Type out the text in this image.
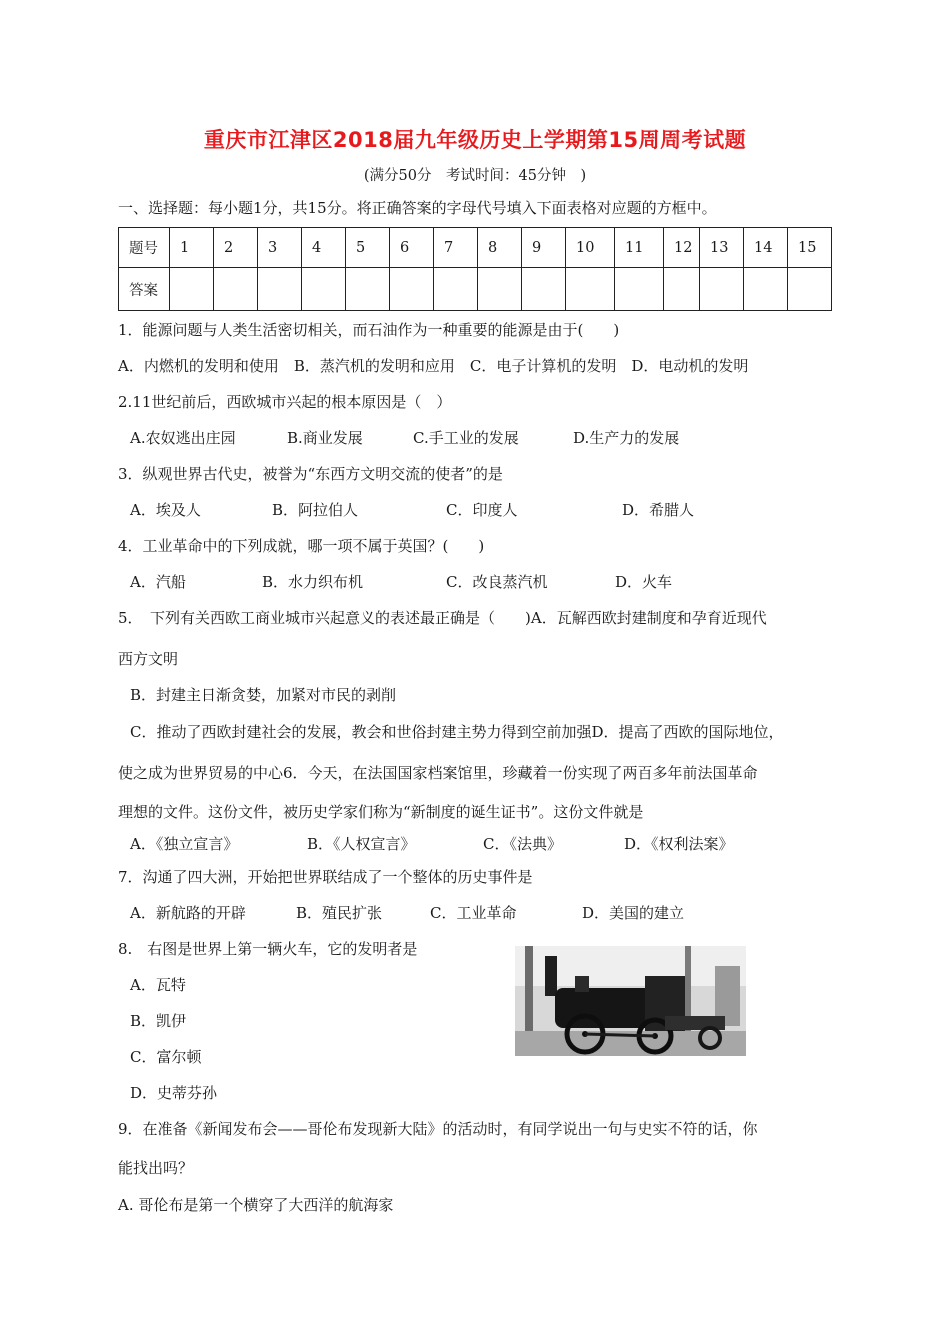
重庆市江津区2018届九年级历史上学期第15周周考试题
(满分50分　考试时间：45分钟　)
一、选择题：每小题1分，共15分。将正确答案的字母代号填入下面表格对应题的方框中。
题号	1	2	3	4	5	6	7	8	9	10	11	12	13	14	15
答案															
1．能源问题与人类生活密切相关，而石油作为一种重要的能源是由于(　　)
A．内燃机的发明和使用　B．蒸汽机的发明和应用　C．电子计算机的发明　D．电动机的发明
2.11世纪前后，西欧城市兴起的根本原因是（　）
A.农奴逃出庄园	B.商业发展	C.手工业的发展	D.生产力的发展
3．纵观世界古代史，被誉为“东西方文明交流的使者”的是
A．埃及人	B．阿拉伯人	C．印度人	D．希腊人
4．工业革命中的下列成就，哪一项不属于英国？(　　)
A．汽船	B．水力织布机	C．改良蒸汽机	D．火车
5．　下列有关西欧工商业城市兴起意义的表述最正确是（　　)A．瓦解西欧封建制度和孕育近现代
西方文明
B．封建主日渐贪婪，加紧对市民的剥削
C．推动了西欧封建社会的发展，教会和世俗封建主势力得到空前加强D．提高了西欧的国际地位，
使之成为世界贸易的中心6．今天，在法国国家档案馆里，珍藏着一份实现了两百多年前法国革命
理想的文件。这份文件，被历史学家们称为“新制度的诞生证书”。这份文件就是
A．《独立宣言》	B．《人权宣言》	C．《法典》	D．《权利法案》
7．沟通了四大洲，开始把世界联结成了一个整体的历史事件是
A．新航路的开辟	B．殖民扩张	C．工业革命	D．美国的建立
8.　右图是世界上第一辆火车，它的发明者是
A．瓦特
B．凯伊
C．富尔顿
D．史蒂芬孙
9．在准备《新闻发布会——哥伦布发现新大陆》的活动时，有同学说出一句与史实不符的话，你
能找出吗？
A. 哥伦布是第一个横穿了大西洋的航海家
